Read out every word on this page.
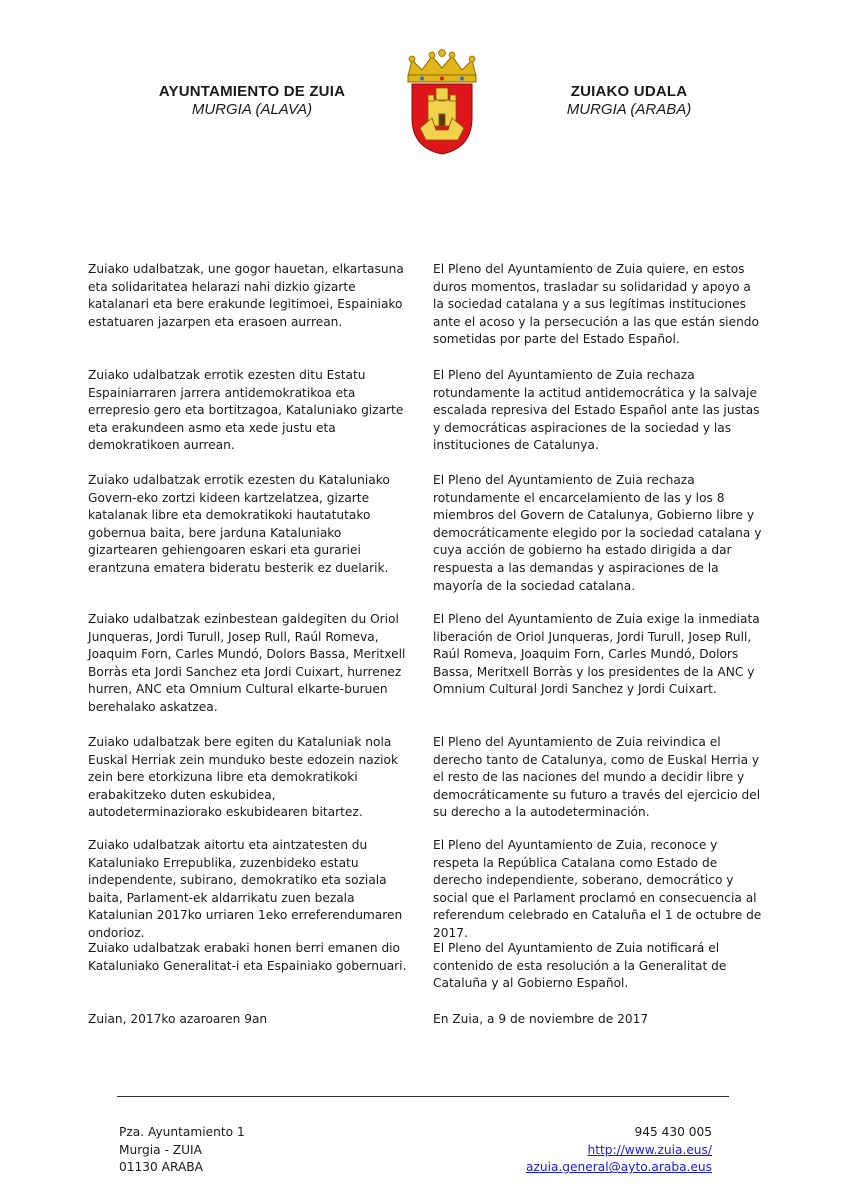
AYUNTAMIENTO DE ZUIA
MURGIA (ALAVA)
ZUIAKO UDALA
MURGIA (ARABA)
Zuiako udalbatzak, une gogor hauetan, elkartasuna eta solidaritatea helarazi nahi dizkio gizarte katalanari eta bere erakunde legitimoei, Espainiako estatuaren jazarpen eta erasoen aurrean.
El Pleno del Ayuntamiento de Zuia quiere, en estos duros momentos, trasladar su solidaridad y apoyo a la sociedad catalana y a sus legítimas instituciones ante el acoso y la persecución a las que están siendo sometidas por parte del Estado Español.
Zuiako udalbatzak errotik ezesten ditu Estatu Espainiarraren jarrera antidemokratikoa eta errepresio gero eta bortitzagoa, Kataluniako gizarte eta erakundeen asmo eta xede justu eta demokratikoen aurrean.
El Pleno del Ayuntamiento de Zuia rechaza rotundamente la actitud antidemocrática y la salvaje escalada represiva del Estado Español ante las justas y democráticas aspiraciones de la sociedad y las instituciones de Catalunya.
Zuiako udalbatzak errotik ezesten du Kataluniako Govern-eko zortzi kideen kartzelatzea, gizarte katalanak libre eta demokratikoki hautatutako gobernua baita, bere jarduna Kataluniako gizartearen gehiengoaren eskari eta gurariei erantzuna ematera bideratu besterik ez duelarik.
El Pleno del Ayuntamiento de Zuia rechaza rotundamente el encarcelamiento de las y los 8 miembros del Govern de Catalunya, Gobierno libre y democráticamente elegido por la sociedad catalana y cuya acción de gobierno ha estado dirigida a dar respuesta a las demandas y aspiraciones de la mayoría de la sociedad catalana.
Zuiako udalbatzak ezinbestean galdegiten du Oriol Junqueras, Jordi Turull, Josep Rull, Raúl Romeva, Joaquim Forn, Carles Mundó, Dolors Bassa, Meritxell Borràs eta Jordi Sanchez eta Jordi Cuixart, hurrenez hurren, ANC eta Omnium Cultural elkarte-buruen berehalako askatzea.
El Pleno del Ayuntamiento de Zuia exige la inmediata liberación de Oriol Junqueras, Jordi Turull, Josep Rull, Raúl Romeva, Joaquim Forn, Carles Mundó, Dolors Bassa, Meritxell Borràs y los presidentes de la ANC y Omnium Cultural Jordi Sanchez y Jordi Cuixart.
Zuiako udalbatzak bere egiten du Kataluniak nola Euskal Herriak zein munduko beste edozein naziok zein bere etorkizuna libre eta demokratikoki erabakitzeko duten eskubidea, autodeterminaziorako eskubidearen bitartez.
El Pleno del Ayuntamiento de Zuia reivindica el derecho tanto de Catalunya, como de Euskal Herria y el resto de las naciones del mundo a decidir libre y democráticamente su futuro a través del ejercicio del su derecho a la autodeterminación.
Zuiako udalbatzak aitortu eta aintzatesten du Kataluniako Errepublika, zuzenbideko estatu independente, subirano, demokratiko eta soziala baita, Parlament-ek aldarrikatu zuen bezala Katalunian 2017ko urriaren 1eko erreferendumaren ondorioz.
El Pleno del Ayuntamiento de Zuia, reconoce y respeta la República Catalana como Estado de derecho independiente, soberano, democrático y social que el Parlament proclamó en consecuencia al referendum celebrado en Cataluña el 1 de octubre de 2017.
Zuiako udalbatzak erabaki honen berri emanen dio Kataluniako Generalitat-i eta Espainiako gobernuari.
El Pleno del Ayuntamiento de Zuia notificará el contenido de esta resolución a la Generalitat de Cataluña y al Gobierno Español.
Zuian, 2017ko azaroaren 9an	En Zuia, a 9 de noviembre de 2017
Pza. Ayuntamiento 1
Murgia - ZUIA
01130 ARABA
945 430 005
http://www.zuia.eus/
azuia.general@ayto.araba.eus
